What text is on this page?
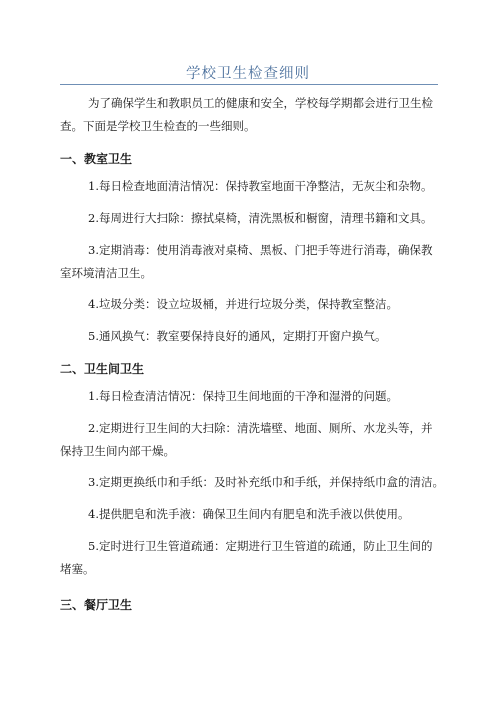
学校卫生检查细则
为了确保学生和教职员工的健康和安全，学校每学期都会进行卫生检
查。下面是学校卫生检查的一些细则。
一、教室卫生
1.每日检查地面清洁情况：保持教室地面干净整洁，无灰尘和杂物。
2.每周进行大扫除：擦拭桌椅，清洗黑板和橱窗，清理书籍和文具。
3.定期消毒：使用消毒液对桌椅、黑板、门把手等进行消毒，确保教
室环境清洁卫生。
4.垃圾分类：设立垃圾桶，并进行垃圾分类，保持教室整洁。
5.通风换气：教室要保持良好的通风，定期打开窗户换气。
二、卫生间卫生
1.每日检查清洁情况：保持卫生间地面的干净和湿滑的问题。
2.定期进行卫生间的大扫除：清洗墙壁、地面、厕所、水龙头等，并
保持卫生间内部干燥。
3.定期更换纸巾和手纸：及时补充纸巾和手纸，并保持纸巾盒的清洁。
4.提供肥皂和洗手液：确保卫生间内有肥皂和洗手液以供使用。
5.定时进行卫生管道疏通：定期进行卫生管道的疏通，防止卫生间的
堵塞。
三、餐厅卫生
